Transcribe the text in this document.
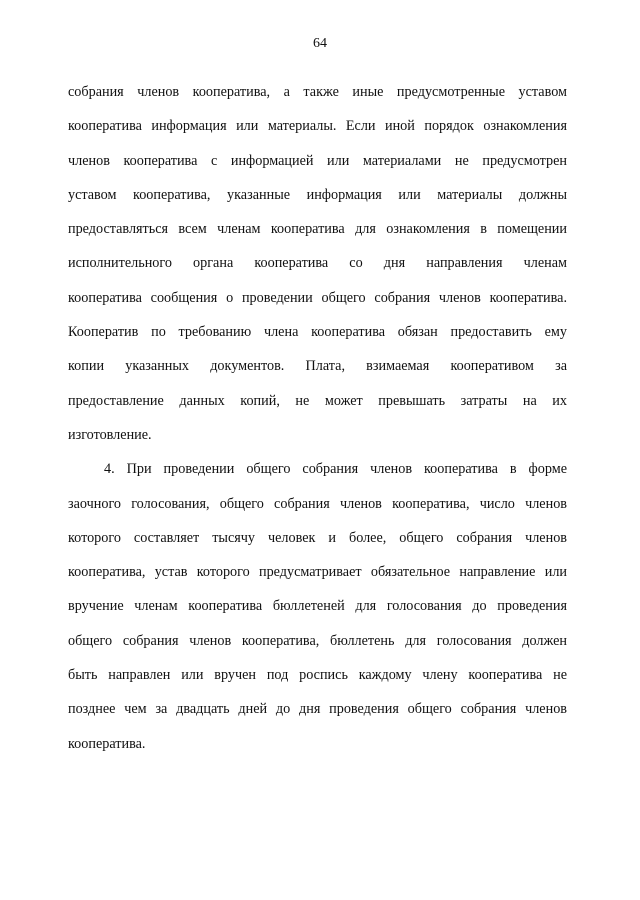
64
собрания членов кооператива, а также иные предусмотренные уставом
кооператива информация или материалы. Если иной порядок ознакомления
членов кооператива с информацией или материалами не предусмотрен
уставом кооператива, указанные информация или материалы должны
предоставляться всем членам кооператива для ознакомления в помещении
исполнительного органа кооператива со дня направления членам
кооператива сообщения о проведении общего собрания членов кооператива.
Кооператив по требованию члена кооператива обязан предоставить ему
копии указанных документов. Плата, взимаемая кооперативом за
предоставление данных копий, не может превышать затраты на их
изготовление.
4. При проведении общего собрания членов кооператива в форме
заочного голосования, общего собрания членов кооператива, число членов
которого составляет тысячу человек и более, общего собрания членов
кооператива, устав которого предусматривает обязательное направление или
вручение членам кооператива бюллетеней для голосования до проведения
общего собрания членов кооператива, бюллетень для голосования должен
быть направлен или вручен под роспись каждому члену кооператива не
позднее чем за двадцать дней до дня проведения общего собрания членов
кооператива.
